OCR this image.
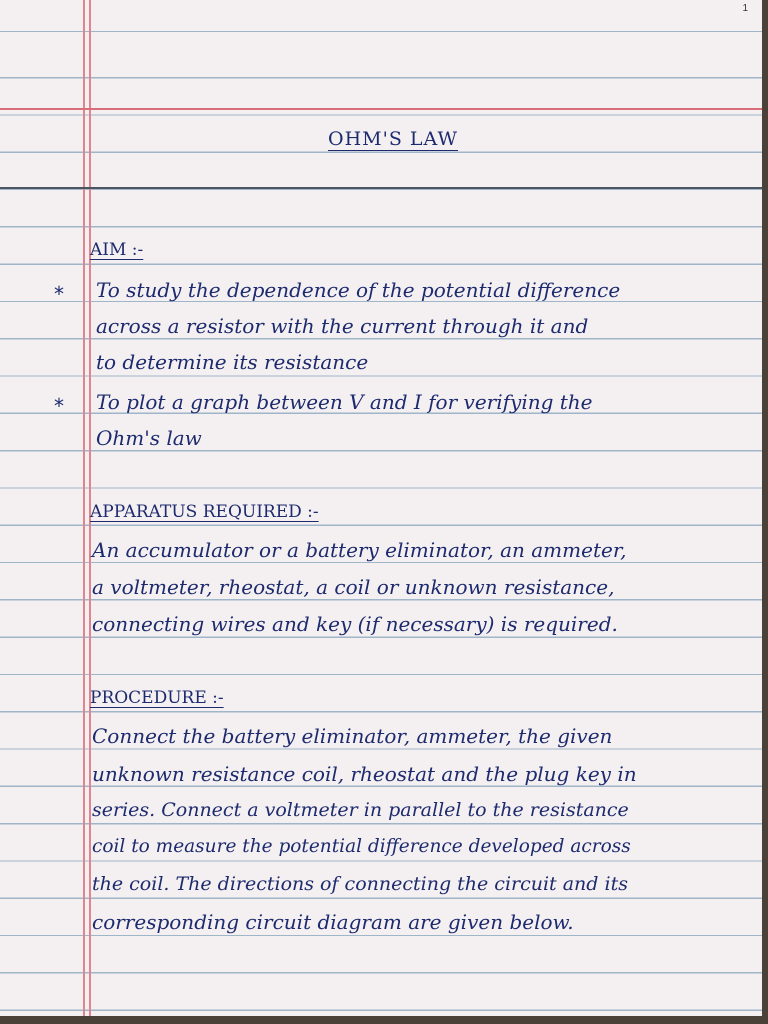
1
OHM'S LAW
AIM :-
* To study the dependence of the potential difference
across a resistor with the current through it and
to determine its resistance
* To plot a graph between V and I for verifying the
Ohm's law
APPARATUS REQUIRED :-
An accumulator or a battery eliminator, an ammeter,
a voltmeter, rheostat, a coil or unknown resistance,
connecting wires and key (if necessary) is required.
PROCEDURE :-
Connect the battery eliminator, ammeter, the given
unknown resistance coil, rheostat and the plug key in
series. Connect a voltmeter in parallel to the resistance
coil to measure the potential difference developed across
the coil. The directions of connecting the circuit and its
corresponding circuit diagram are given below.
